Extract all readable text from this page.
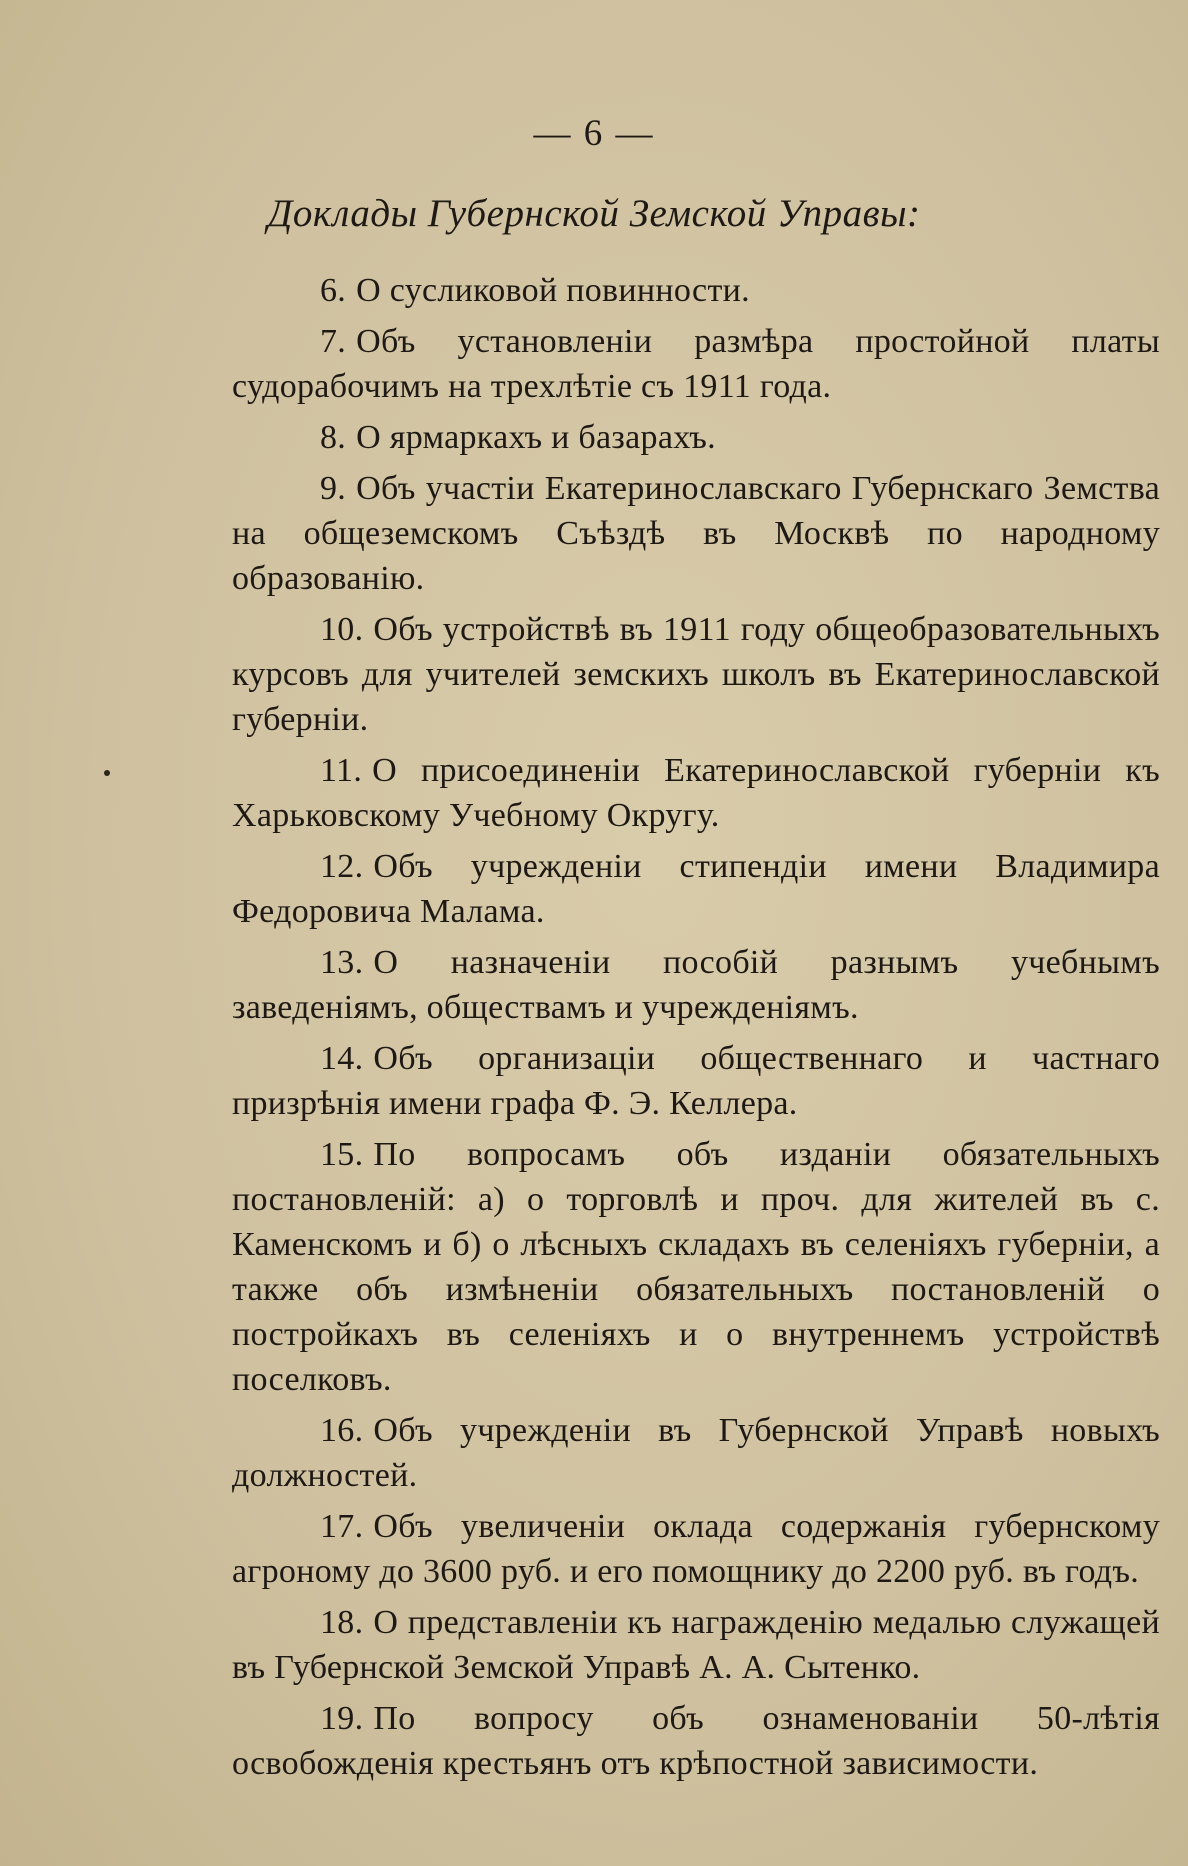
— 6 —
Доклады Губернской Земской Управы:

6. О сусликовой повинности.

7. Объ установленiи размѣра простойной платы судорабочимъ на трехлѣтiе съ 1911 года.

8. О ярмаркахъ и базарахъ.

9. Объ участiи Екатеринославскаго Губернскаго Земства на общеземскомъ Съѣздѣ въ Москвѣ по народному образованiю.

10. Объ устройствѣ въ 1911 году общеобразовательныхъ курсовъ для учителей земскихъ школъ въ Екатеринославской губернiи.

11. О присоединенiи Екатеринославской губернiи къ Харьковскому Учебному Округу.

12. Объ учрежденiи стипендiи имени Владимира Федоровича Малама.

13. О назначенiи пособiй разнымъ учебнымъ заведенiямъ, обществамъ и учрежденiямъ.

14. Объ организацiи общественнаго и частнаго призрѣнiя имени графа Ф. Э. Келлера.

15. По вопросамъ объ изданiи обязательныхъ постановленiй: а) о торговлѣ и проч. для жителей въ с. Каменскомъ и б) о лѣсныхъ складахъ въ селенiяхъ губернiи, а также объ измѣненiи обязательныхъ постановленiй о постройкахъ въ селенiяхъ и о внутреннемъ устройствѣ поселковъ.

16. Объ учрежденiи въ Губернской Управѣ новыхъ должностей.

17. Объ увеличенiи оклада содержанiя губернскому агроному до 3600 руб. и его помощнику до 2200 руб. въ годъ.

18. О представленiи къ награжденiю медалью служащей въ Губернской Земской Управѣ А. А. Сытенко.

19. По вопросу объ ознаменованiи 50-лѣтiя освобожденiя крестьянъ отъ крѣпостной зависимости.
